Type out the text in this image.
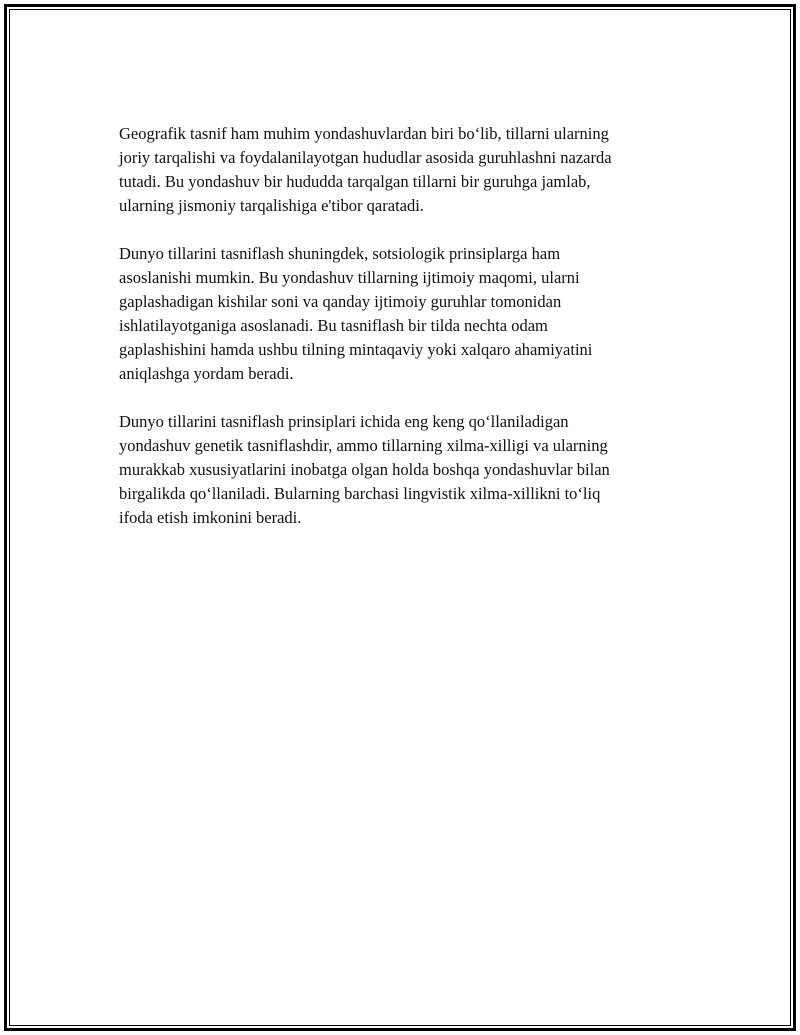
Geografik tasnif ham muhim yondashuvlardan biri bo‘lib, tillarni ularning
joriy tarqalishi va foydalanilayotgan hududlar asosida guruhlashni nazarda
tutadi. Bu yondashuv bir hududda tarqalgan tillarni bir guruhga jamlab,
ularning jismoniy tarqalishiga e'tibor qaratadi.

Dunyo tillarini tasniflash shuningdek, sotsiologik prinsiplarga ham
asoslanishi mumkin. Bu yondashuv tillarning ijtimoiy maqomi, ularni
gaplashadigan kishilar soni va qanday ijtimoiy guruhlar tomonidan
ishlatilayotganiga asoslanadi. Bu tasniflash bir tilda nechta odam
gaplashishini hamda ushbu tilning mintaqaviy yoki xalqaro ahamiyatini
aniqlashga yordam beradi.

Dunyo tillarini tasniflash prinsiplari ichida eng keng qo‘llaniladigan
yondashuv genetik tasniflashdir, ammo tillarning xilma-xilligi va ularning
murakkab xususiyatlarini inobatga olgan holda boshqa yondashuvlar bilan
birgalikda qo‘llaniladi. Bularning barchasi lingvistik xilma-xillikni to‘liq
ifoda etish imkonini beradi.
